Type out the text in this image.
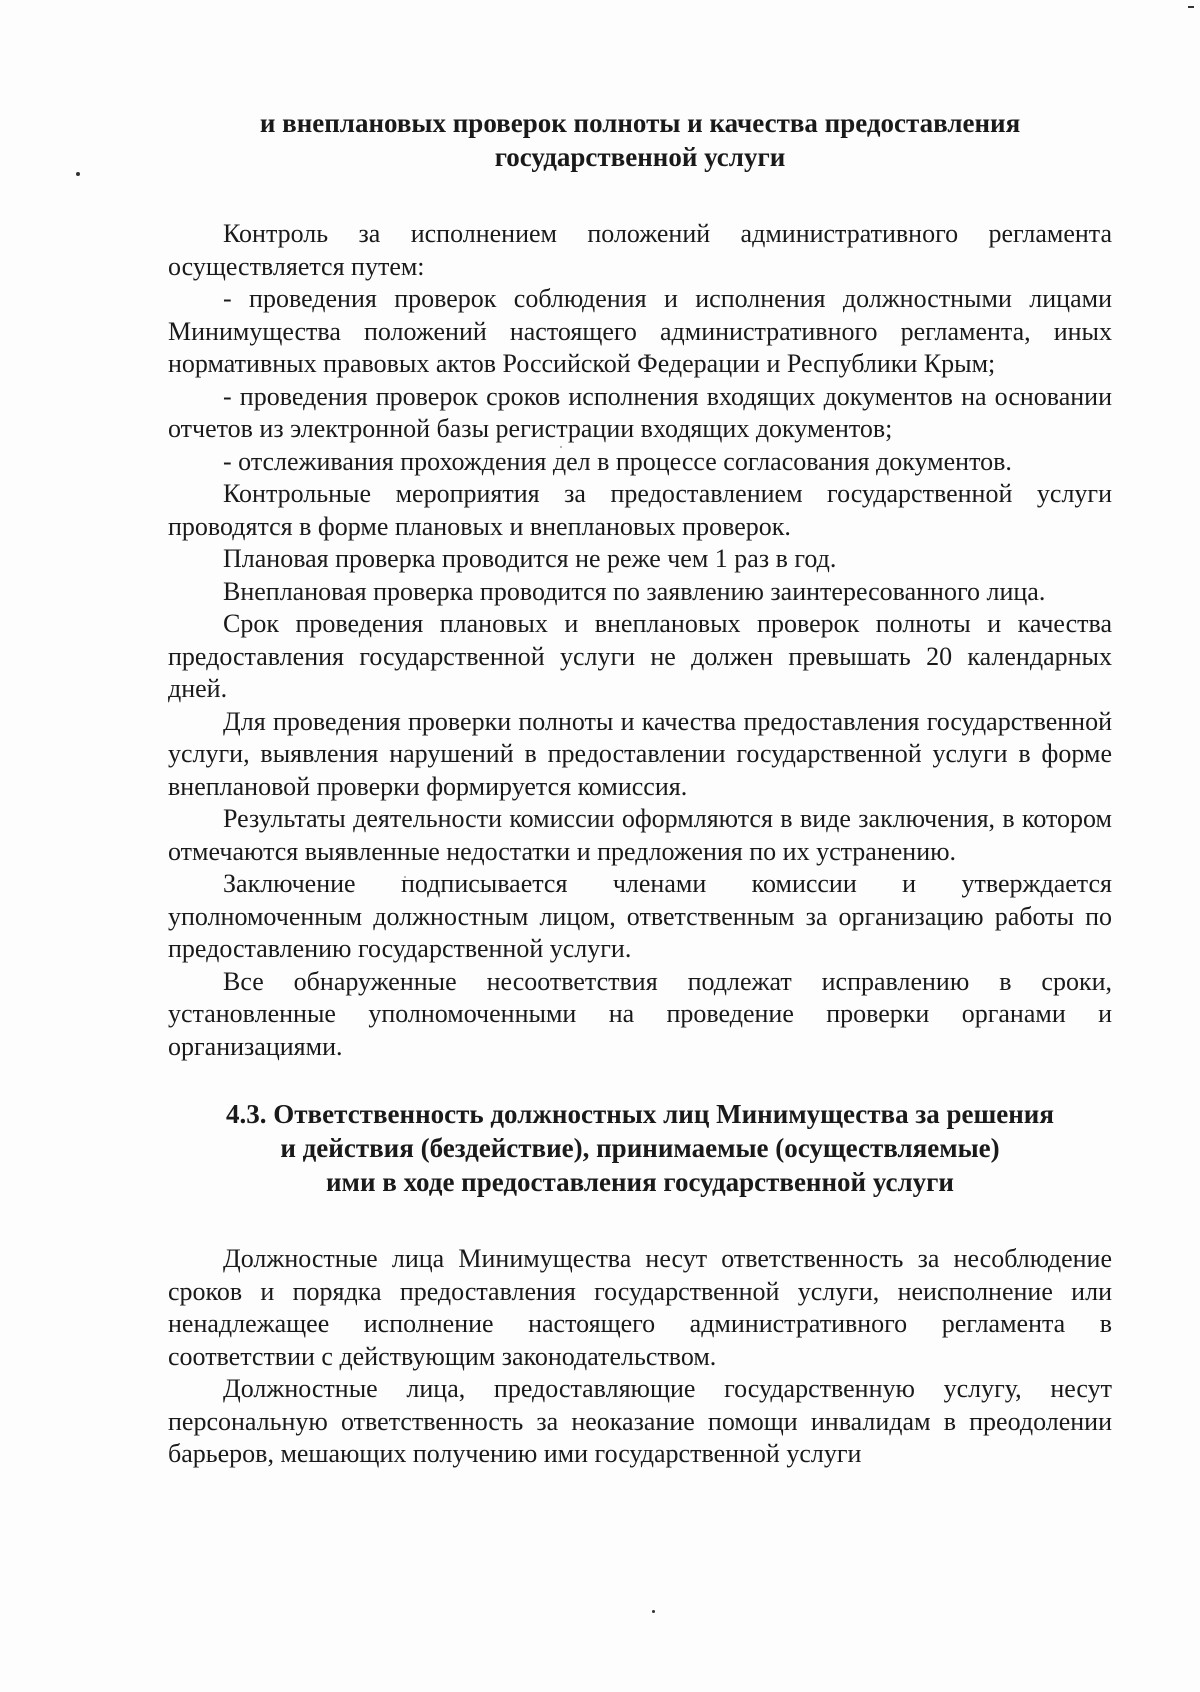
и внеплановых проверок полноты и качества предоставления
государственной услуги

Контроль за исполнением положений административного регламента осуществляется путем:

- проведения проверок соблюдения и исполнения должностными лицами Минимущества положений настоящего административного регламента, иных нормативных правовых актов Российской Федерации и Республики Крым;

- проведения проверок сроков исполнения входящих документов на основании отчетов из электронной базы регистрации входящих документов;

- отслеживания прохождения дел в процессе согласования документов.

Контрольные мероприятия за предоставлением государственной услуги проводятся в форме плановых и внеплановых проверок.

Плановая проверка проводится не реже чем 1 раз в год.

Внеплановая проверка проводится по заявлению заинтересованного лица.

Срок проведения плановых и внеплановых проверок полноты и качества предоставления государственной услуги не должен превышать 20 календарных дней.

Для проведения проверки полноты и качества предоставления государственной услуги, выявления нарушений в предоставлении государственной услуги в форме внеплановой проверки формируется комиссия.

Результаты деятельности комиссии оформляются в виде заключения, в котором отмечаются выявленные недостатки и предложения по их устранению.

Заключение подписывается членами комиссии и утверждается уполномоченным должностным лицом, ответственным за организацию работы по предоставлению государственной услуги.

Все обнаруженные несоответствия подлежат исправлению в сроки, установленные уполномоченными на проведение проверки органами и организациями.

4.3. Ответственность должностных лиц Минимущества за решения
и действия (бездействие), принимаемые (осуществляемые)
ими в ходе предоставления государственной услуги

Должностные лица Минимущества несут ответственность за несоблюдение сроков и порядка предоставления государственной услуги, неисполнение или ненадлежащее исполнение настоящего административного регламента в соответствии с действующим законодательством.

Должностные лица, предоставляющие государственную услугу, несут персональную ответственность за неоказание помощи инвалидам в преодолении барьеров, мешающих получению ими государственной услуги
